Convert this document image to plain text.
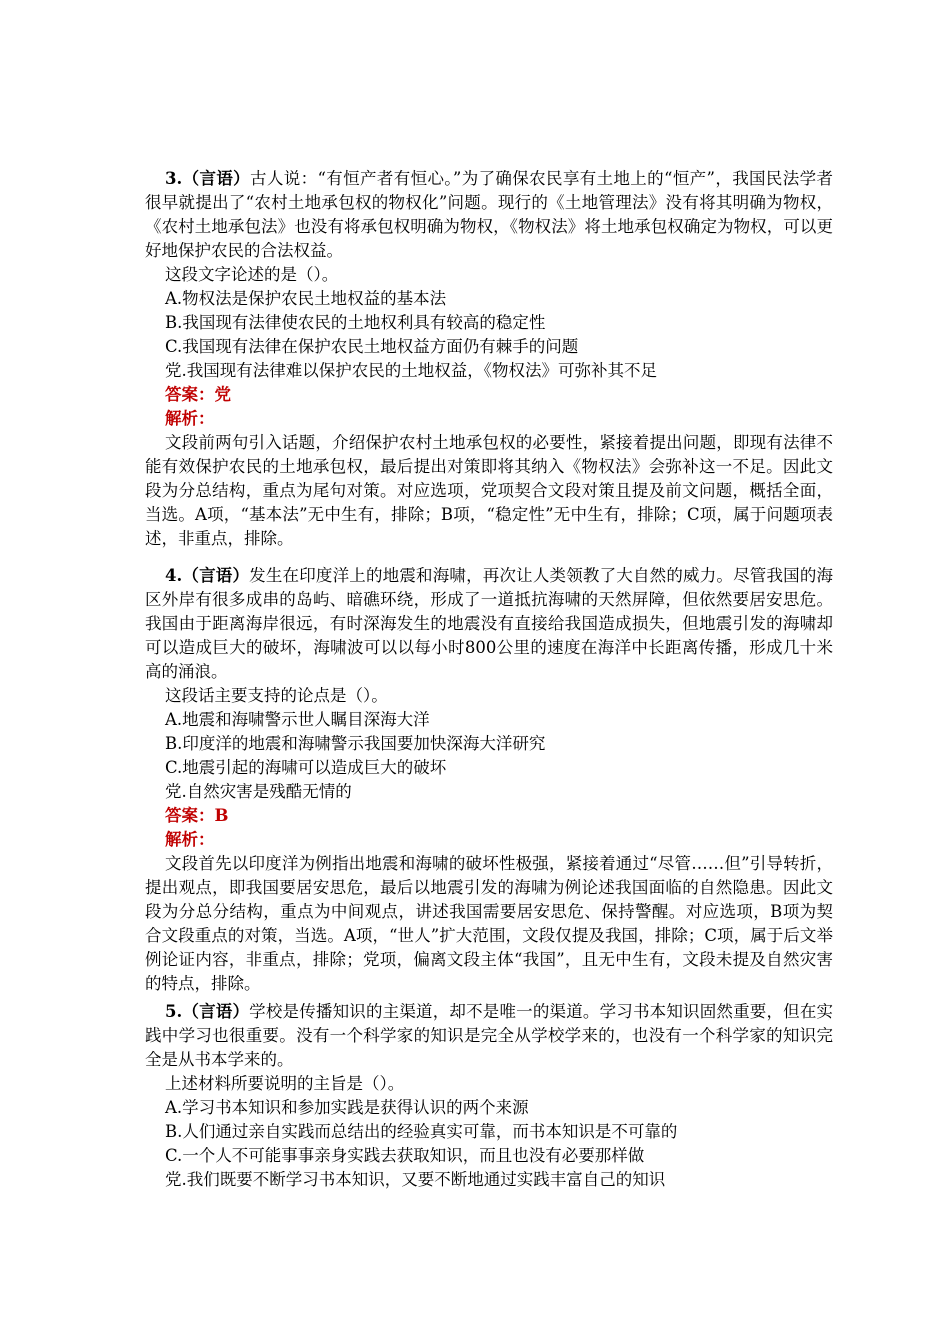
3.（言语）古人说：“有恒产者有恒心。”为了确保农民享有土地上的“恒产”，我国民法学者很早就提出了“农村土地承包权的物权化”问题。现行的《土地管理法》没有将其明确为物权，《农村土地承包法》也没有将承包权明确为物权，《物权法》将土地承包权确定为物权，可以更好地保护农民的合法权益。

这段文字论述的是（）。

A.物权法是保护农民土地权益的基本法

B.我国现有法律使农民的土地权利具有较高的稳定性

C.我国现有法律在保护农民土地权益方面仍有棘手的问题

党.我国现有法律难以保护农民的土地权益，《物权法》可弥补其不足

答案：党

解析：

文段前两句引入话题，介绍保护农村土地承包权的必要性，紧接着提出问题，即现有法律不能有效保护农民的土地承包权，最后提出对策即将其纳入《物权法》会弥补这一不足。因此文段为分总结构，重点为尾句对策。对应选项，党项契合文段对策且提及前文问题，概括全面，当选。A项，“基本法”无中生有，排除；B项，“稳定性”无中生有，排除；C项，属于问题项表述，非重点，排除。

4.（言语）发生在印度洋上的地震和海啸，再次让人类领教了大自然的威力。尽管我国的海区外岸有很多成串的岛屿、暗礁环绕，形成了一道抵抗海啸的天然屏障，但依然要居安思危。我国由于距离海岸很远，有时深海发生的地震没有直接给我国造成损失，但地震引发的海啸却可以造成巨大的破坏，海啸波可以以每小时800公里的速度在海洋中长距离传播，形成几十米高的涌浪。

这段话主要支持的论点是（）。

A.地震和海啸警示世人瞩目深海大洋

B.印度洋的地震和海啸警示我国要加快深海大洋研究

C.地震引起的海啸可以造成巨大的破坏

党.自然灾害是残酷无情的

答案：B

解析：

文段首先以印度洋为例指出地震和海啸的破坏性极强，紧接着通过“尽管……但”引导转折，提出观点，即我国要居安思危，最后以地震引发的海啸为例论述我国面临的自然隐患。因此文段为分总分结构，重点为中间观点，讲述我国需要居安思危、保持警醒。对应选项，B项为契合文段重点的对策，当选。A项，“世人”扩大范围，文段仅提及我国，排除；C项，属于后文举例论证内容，非重点，排除；党项，偏离文段主体“我国”，且无中生有，文段未提及自然灾害的特点，排除。

5.（言语）学校是传播知识的主渠道，却不是唯一的渠道。学习书本知识固然重要，但在实践中学习也很重要。没有一个科学家的知识是完全从学校学来的，也没有一个科学家的知识完全是从书本学来的。

上述材料所要说明的主旨是（）。

A.学习书本知识和参加实践是获得认识的两个来源

B.人们通过亲自实践而总结出的经验真实可靠，而书本知识是不可靠的

C.一个人不可能事事亲身实践去获取知识，而且也没有必要那样做

党.我们既要不断学习书本知识，又要不断地通过实践丰富自己的知识
